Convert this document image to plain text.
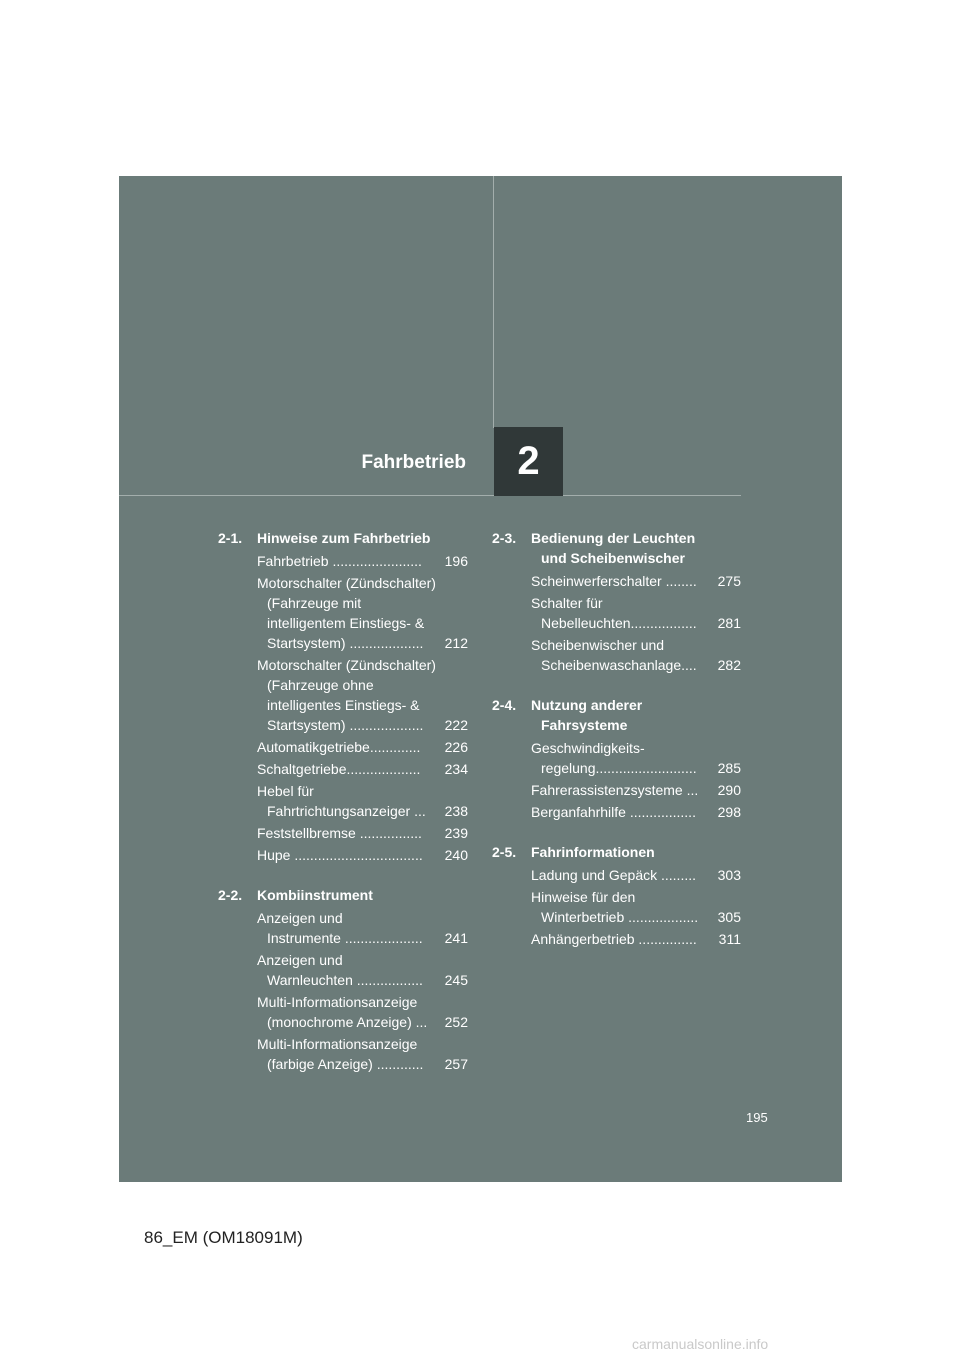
Fahrbetrieb 2
2-1.	Hinweise zum Fahrbetrieb
Fahrbetrieb .......................	196
Motorschalter (Zündschalter)
(Fahrzeuge mit
intelligentem Einstiegs- &
Startsystem) ...................	212
Motorschalter (Zündschalter)
(Fahrzeuge ohne
intelligentes Einstiegs- &
Startsystem) ...................	222
Automatikgetriebe.............	226
Schaltgetriebe...................	234
Hebel für
Fahrtrichtungsanzeiger ...	238
Feststellbremse ................	239
Hupe .................................	240
2-2.	Kombiinstrument
Anzeigen und
Instrumente ....................	241
Anzeigen und
Warnleuchten .................	245
Multi-Informationsanzeige
(monochrome Anzeige) ...	252
Multi-Informationsanzeige
(farbige Anzeige) ............	257
2-3.	Bedienung der Leuchten
und Scheibenwischer
Scheinwerferschalter ........	275
Schalter für
Nebelleuchten.................	281
Scheibenwischer und
Scheibenwaschanlage....	282
2-4.	Nutzung anderer
Fahrsysteme
Geschwindigkeits-
regelung..........................	285
Fahrerassistenzsysteme ...	290
Berganfahrhilfe .................	298
2-5.	Fahrinformationen
Ladung und Gepäck .........	303
Hinweise für den
Winterbetrieb ..................	305
Anhängerbetrieb ...............	311
195
86_EM (OM18091M)
carmanualsonline.info
